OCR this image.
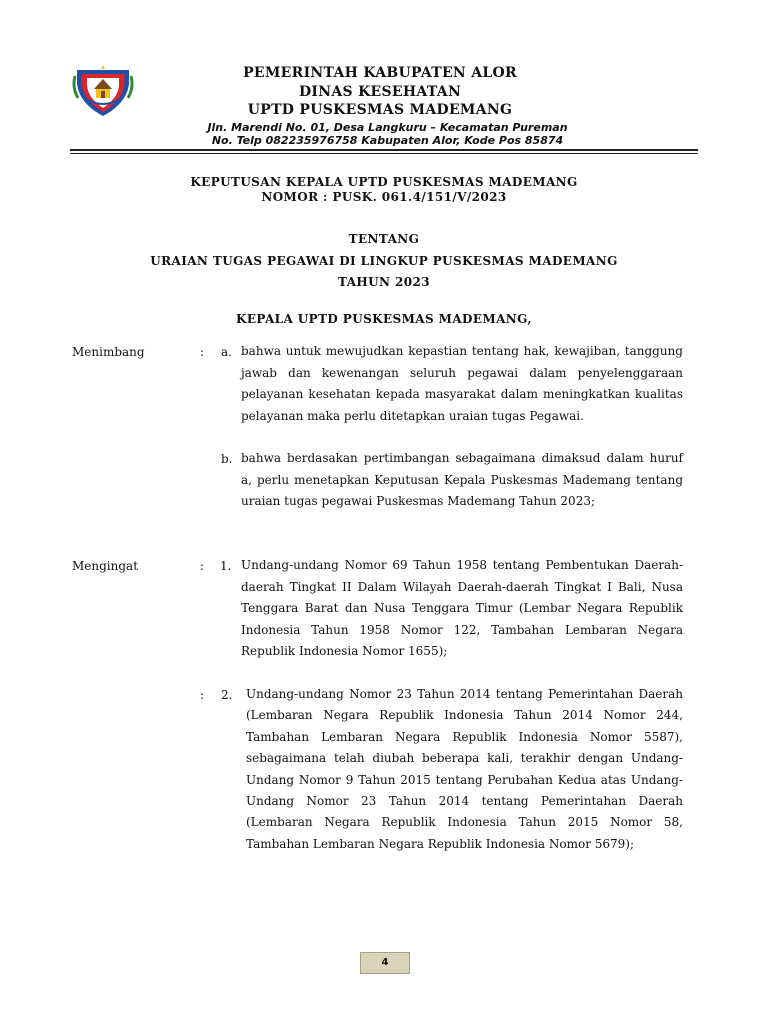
PEMERINTAH KABUPATEN ALOR
DINAS KESEHATAN
UPTD PUSKESMAS MADEMANG
Jln. Marendi No. 01, Desa Langkuru – Kecamatan Pureman
No. Telp 082235976758 Kabupaten Alor, Kode Pos 85874
KEPUTUSAN KEPALA UPTD PUSKESMAS MADEMANG
NOMOR : PUSK. 061.4/151/V/2023
TENTANG
URAIAN TUGAS PEGAWAI DI LINGKUP PUSKESMAS MADEMANG
TAHUN 2023
KEPALA UPTD PUSKESMAS MADEMANG,
Menimbang	: a. bahwa untuk mewujudkan kepastian tentang hak, kewajiban, tanggung jawab dan kewenangan seluruh pegawai dalam penyelenggaraan pelayanan kesehatan kepada masyarakat dalam meningkatkan kualitas pelayanan maka perlu ditetapkan uraian tugas Pegawai.
b. bahwa berdasakan pertimbangan sebagaimana dimaksud dalam huruf a, perlu menetapkan Keputusan Kepala Puskesmas Mademang tentang uraian tugas pegawai Puskesmas Mademang Tahun 2023;
Mengingat	: 1. Undang-undang Nomor 69 Tahun 1958 tentang Pembentukan Daerah-daerah Tingkat II Dalam Wilayah Daerah-daerah Tingkat I Bali, Nusa Tenggara Barat dan Nusa Tenggara Timur (Lembar Negara Republik Indonesia Tahun 1958 Nomor 122, Tambahan Lembaran Negara Republik Indonesia Nomor 1655);
: 2. Undang-undang Nomor 23 Tahun 2014 tentang Pemerintahan Daerah (Lembaran Negara Republik Indonesia Tahun 2014 Nomor 244, Tambahan Lembaran Negara Republik Indonesia Nomor 5587), sebagaimana telah diubah beberapa kali, terakhir dengan Undang-Undang Nomor 9 Tahun 2015 tentang Perubahan Kedua atas Undang-Undang Nomor 23 Tahun 2014 tentang Pemerintahan Daerah (Lembaran Negara Republik Indonesia Tahun 2015 Nomor 58, Tambahan Lembaran Negara Republik Indonesia Nomor 5679);
4
